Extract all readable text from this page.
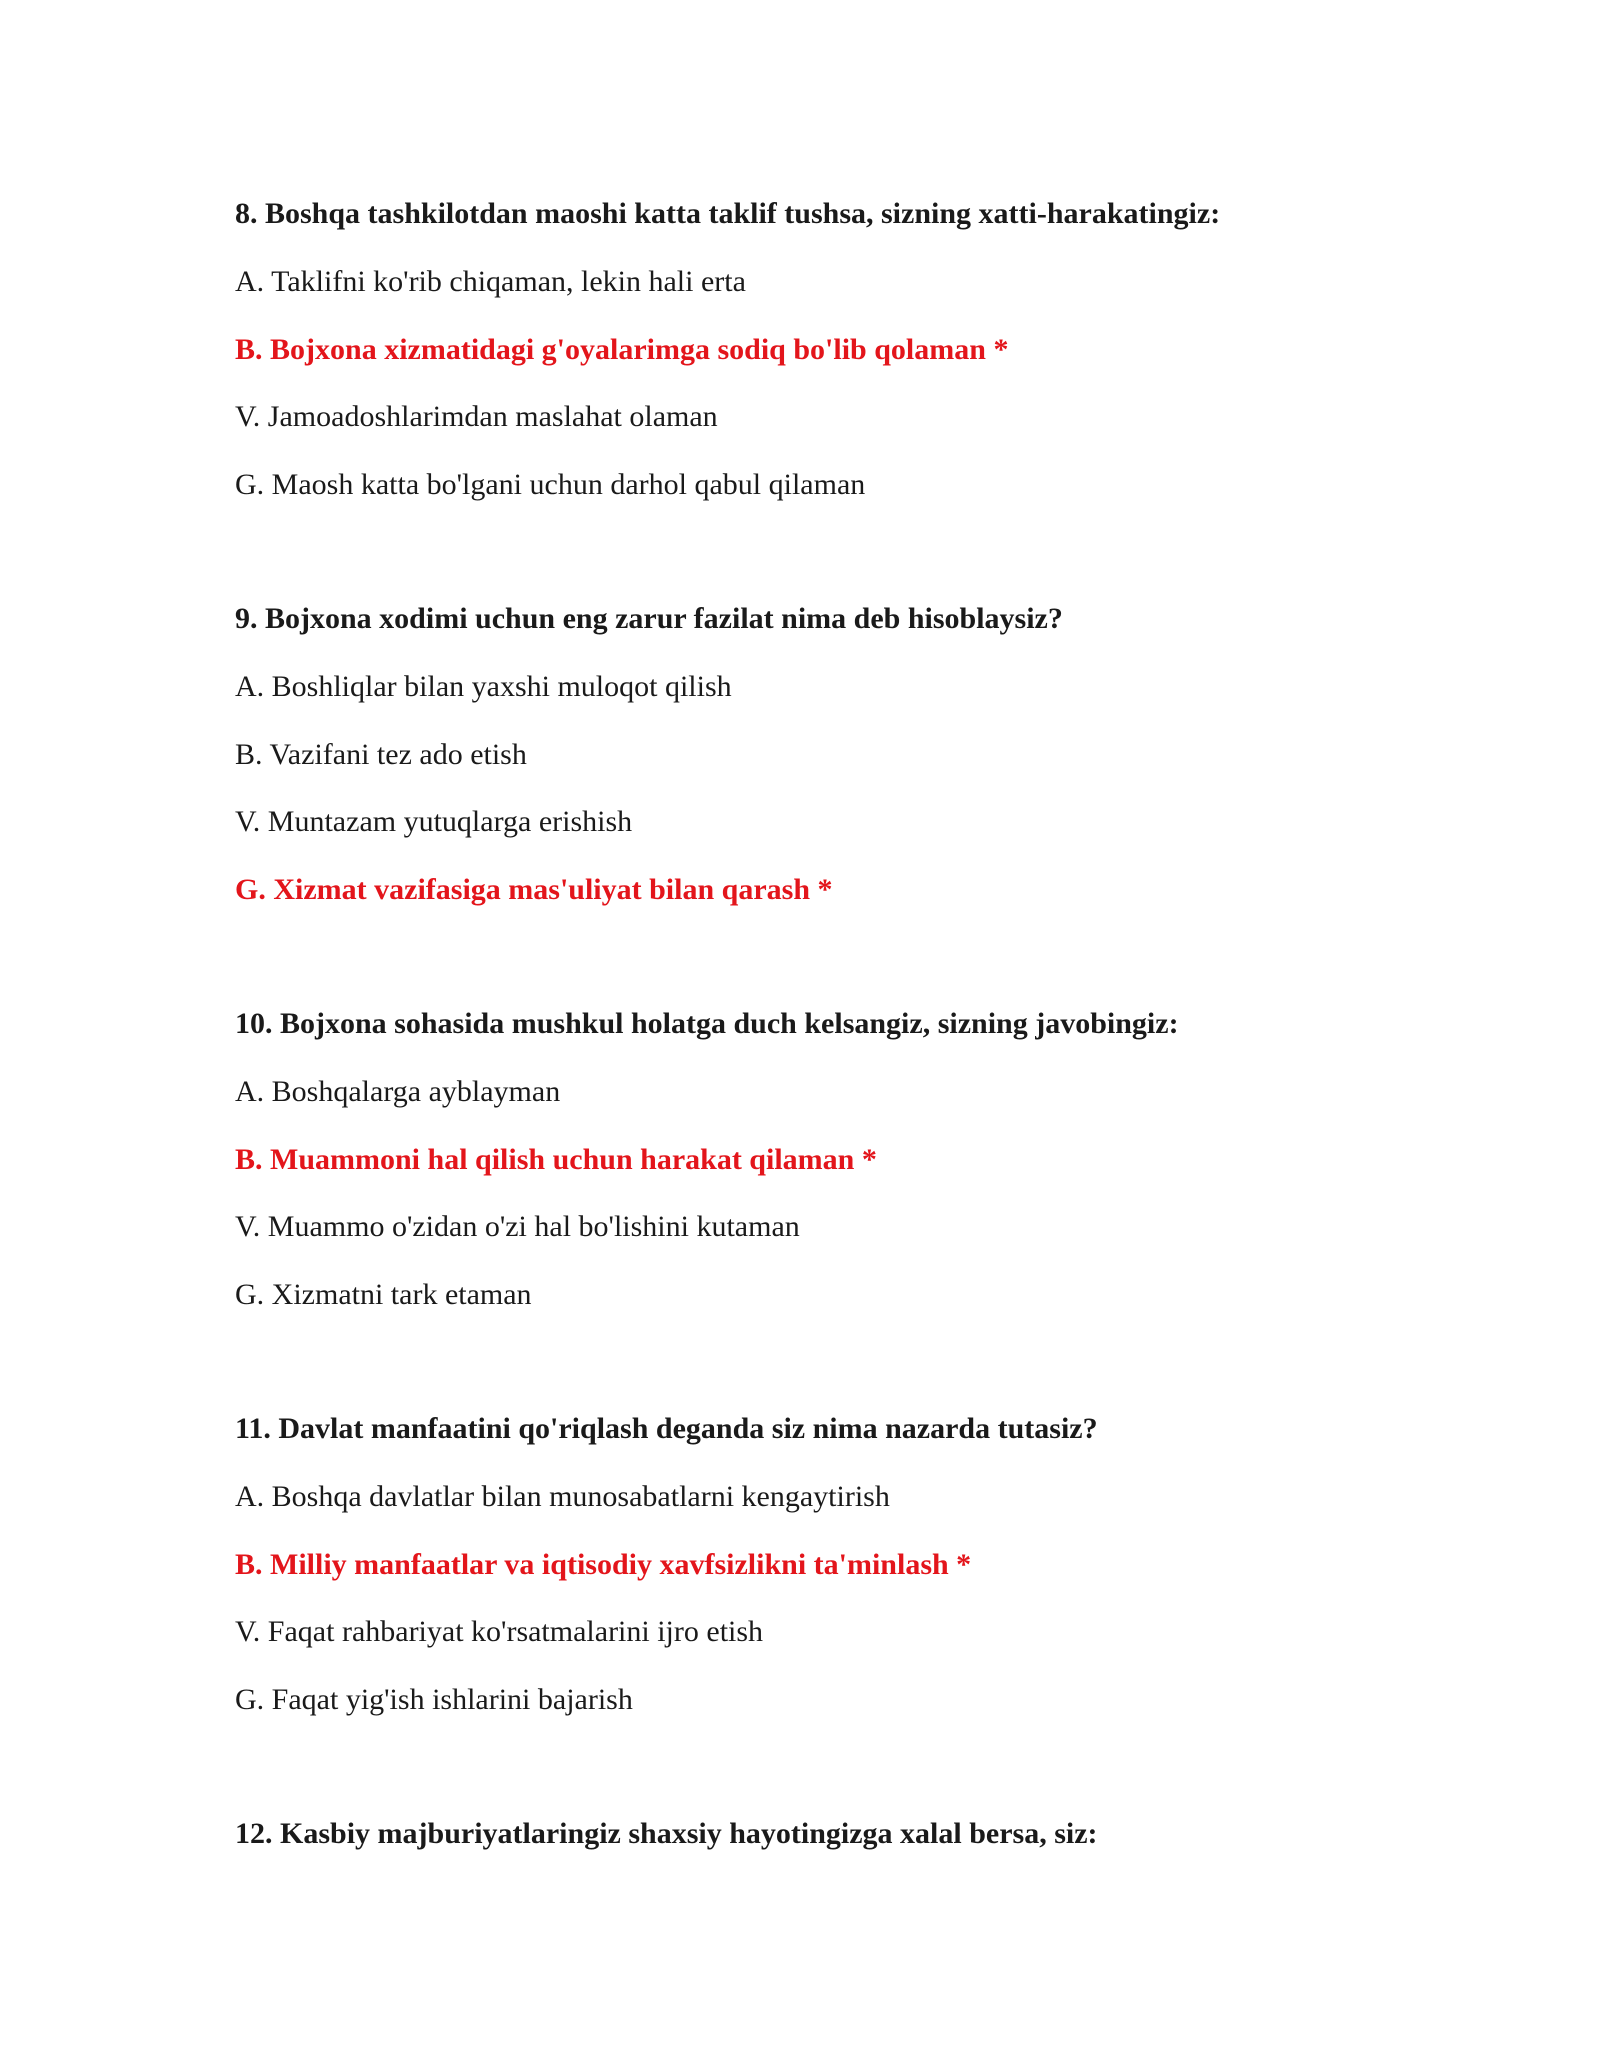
8. Boshqa tashkilotdan maoshi katta taklif tushsa, sizning xatti-harakatingiz:
A. Taklifni ko'rib chiqaman, lekin hali erta
B. Bojxona xizmatidagi g'oyalarimga sodiq bo'lib qolaman *
V. Jamoadoshlarimdan maslahat olaman
G. Maosh katta bo'lgani uchun darhol qabul qilaman
9. Bojxona xodimi uchun eng zarur fazilat nima deb hisoblaysiz?
A. Boshliqlar bilan yaxshi muloqot qilish
B. Vazifani tez ado etish
V. Muntazam yutuqlarga erishish
G. Xizmat vazifasiga mas'uliyat bilan qarash *
10. Bojxona sohasida mushkul holatga duch kelsangiz, sizning javobingiz:
A. Boshqalarga ayblayman
B. Muammoni hal qilish uchun harakat qilaman *
V. Muammo o'zidan o'zi hal bo'lishini kutaman
G. Xizmatni tark etaman
11. Davlat manfaatini qo'riqlash deganda siz nima nazarda tutasiz?
A. Boshqa davlatlar bilan munosabatlarni kengaytirish
B. Milliy manfaatlar va iqtisodiy xavfsizlikni ta'minlash *
V. Faqat rahbariyat ko'rsatmalarini ijro etish
G. Faqat yig'ish ishlarini bajarish
12. Kasbiy majburiyatlaringiz shaxsiy hayotingizga xalal bersa, siz:
